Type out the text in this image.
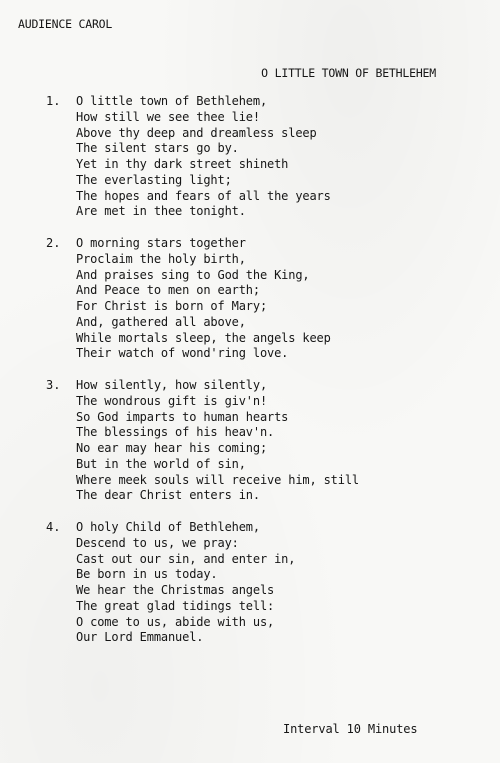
AUDIENCE CAROL
O LITTLE TOWN OF BETHLEHEM
1. O little town of Bethlehem,
How still we see thee lie!
Above thy deep and dreamless sleep
The silent stars go by.
Yet in thy dark street shineth
The everlasting light;
The hopes and fears of all the years
Are met in thee tonight.
2. O morning stars together
Proclaim the holy birth,
And praises sing to God the King,
And Peace to men on earth;
For Christ is born of Mary;
And, gathered all above,
While mortals sleep, the angels keep
Their watch of wond'ring love.
3. How silently, how silently,
The wondrous gift is giv'n!
So God imparts to human hearts
The blessings of his heav'n.
No ear may hear his coming;
But in the world of sin,
Where meek souls will receive him, still
The dear Christ enters in.
4. O holy Child of Bethlehem,
Descend to us, we pray:
Cast out our sin, and enter in,
Be born in us today.
We hear the Christmas angels
The great glad tidings tell:
O come to us, abide with us,
Our Lord Emmanuel.
Interval 10 Minutes
